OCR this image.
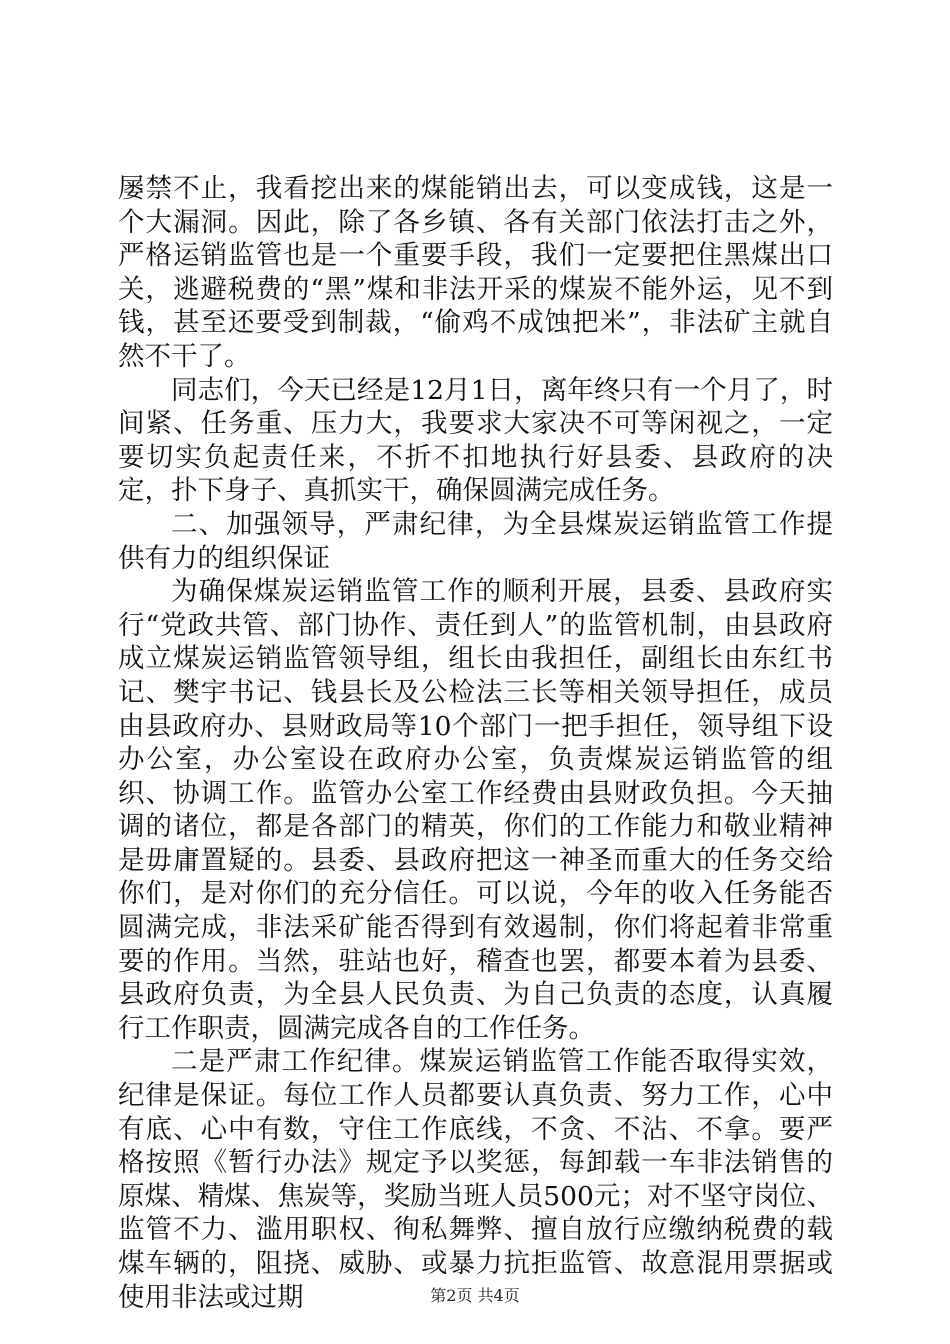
屡禁不止，我看挖出来的煤能销出去，可以变成钱，这是一个大漏洞。因此，除了各乡镇、各有关部门依法打击之外，严格运销监管也是一个重要手段，我们一定要把住黑煤出口关，逃避税费的“黑”煤和非法开采的煤炭不能外运，见不到钱，甚至还要受到制裁，“偷鸡不成蚀把米”，非法矿主就自然不干了。

同志们，今天已经是12月1日，离年终只有一个月了，时间紧、任务重、压力大，我要求大家决不可等闲视之，一定要切实负起责任来，不折不扣地执行好县委、县政府的决定，扑下身子、真抓实干，确保圆满完成任务。

二、加强领导，严肃纪律，为全县煤炭运销监管工作提供有力的组织保证

为确保煤炭运销监管工作的顺利开展，县委、县政府实行“党政共管、部门协作、责任到人”的监管机制，由县政府成立煤炭运销监管领导组，组长由我担任，副组长由东红书记、樊宇书记、钱县长及公检法三长等相关领导担任，成员由县政府办、县财政局等10个部门一把手担任，领导组下设办公室，办公室设在政府办公室，负责煤炭运销监管的组织、协调工作。监管办公室工作经费由县财政负担。今天抽调的诸位，都是各部门的精英，你们的工作能力和敬业精神是毋庸置疑的。县委、县政府把这一神圣而重大的任务交给你们，是对你们的充分信任。可以说，今年的收入任务能否圆满完成，非法采矿能否得到有效遏制，你们将起着非常重要的作用。当然，驻站也好，稽查也罢，都要本着为县委、县政府负责，为全县人民负责、为自己负责的态度，认真履行工作职责，圆满完成各自的工作任务。

二是严肃工作纪律。煤炭运销监管工作能否取得实效，纪律是保证。每位工作人员都要认真负责、努力工作，心中有底、心中有数，守住工作底线，不贪、不沾、不拿。要严格按照《暂行办法》规定予以奖惩，每卸载一车非法销售的原煤、精煤、焦炭等，奖励当班人员500元；对不坚守岗位、监管不力、滥用职权、徇私舞弊、擅自放行应缴纳税费的载煤车辆的，阻挠、威胁、或暴力抗拒监管、故意混用票据或使用非法或过期	第2页 共4页
